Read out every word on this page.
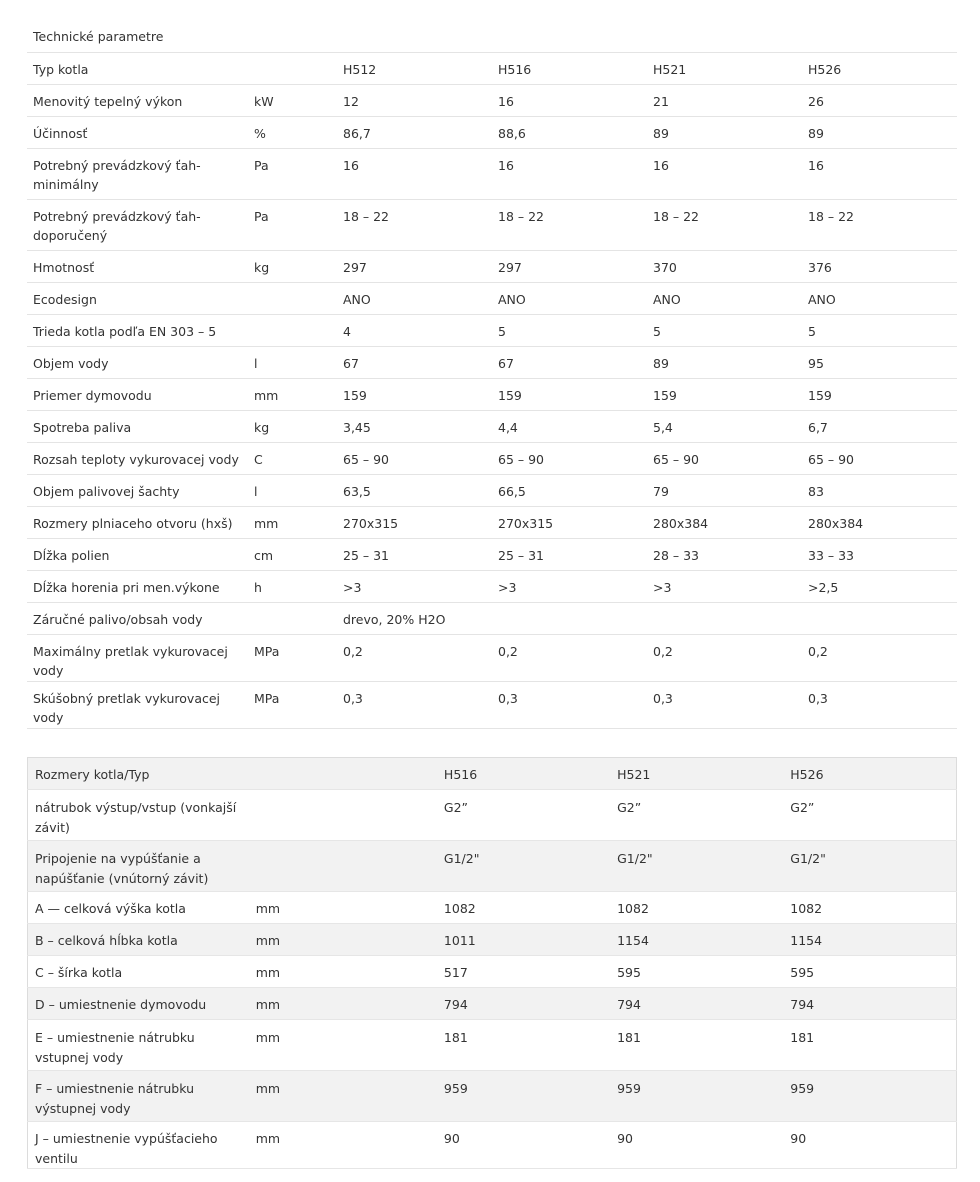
Technické parametre					
Typ kotla		H512	H516	H521	H526
Menovitý tepelný výkon	kW	12	16	21	26
Účinnosť	%	86,7	88,6	89	89
Potrebný prevádzkový ťah- minimálny	Pa	16	16	16	16
Potrebný prevádzkový ťah- doporučený	Pa	18 – 22	18 – 22	18 – 22	18 – 22
Hmotnosť	kg	297	297	370	376
Ecodesign		ANO	ANO	ANO	ANO
Trieda kotla podľa EN 303 – 5		4	5	5	5
Objem vody	l	67	67	89	95
Priemer dymovodu	mm	159	159	159	159
Spotreba paliva	kg	3,45	4,4	5,4	6,7
Rozsah teploty vykurovacej vody	C	65 – 90	65 – 90	65 – 90	65 – 90
Objem palivovej šachty	l	63,5	66,5	79	83
Rozmery plniaceho otvoru (hxš)	mm	270x315	270x315	280x384	280x384
Dĺžka polien	cm	25 – 31	25 – 31	28 – 33	33 – 33
Dĺžka horenia pri men.výkone	h	>3	>3	>3	>2,5
Záručné palivo/obsah vody		drevo, 20% H2O			
Maximálny pretlak vykurovacej vody	MPa	0,2	0,2	0,2	0,2
Skúšobný pretlak vykurovacej vody	MPa	0,3	0,3	0,3	0,3
Rozmery kotla/Typ		H516	H521	H526
nátrubok výstup/vstup (vonkajší závit)		G2”	G2”	G2”
Pripojenie na vypúšťanie a napúšťanie (vnútorný závit)		G1/2"	G1/2"	G1/2"
A — celková výška kotla	mm	1082	1082	1082
B – celková hĺbka kotla	mm	1011	1154	1154
C – šírka kotla	mm	517	595	595
D – umiestnenie dymovodu	mm	794	794	794
E – umiestnenie nátrubku vstupnej vody	mm	181	181	181
F – umiestnenie nátrubku výstupnej vody	mm	959	959	959
J – umiestnenie vypúšťacieho ventilu	mm	90	90	90
